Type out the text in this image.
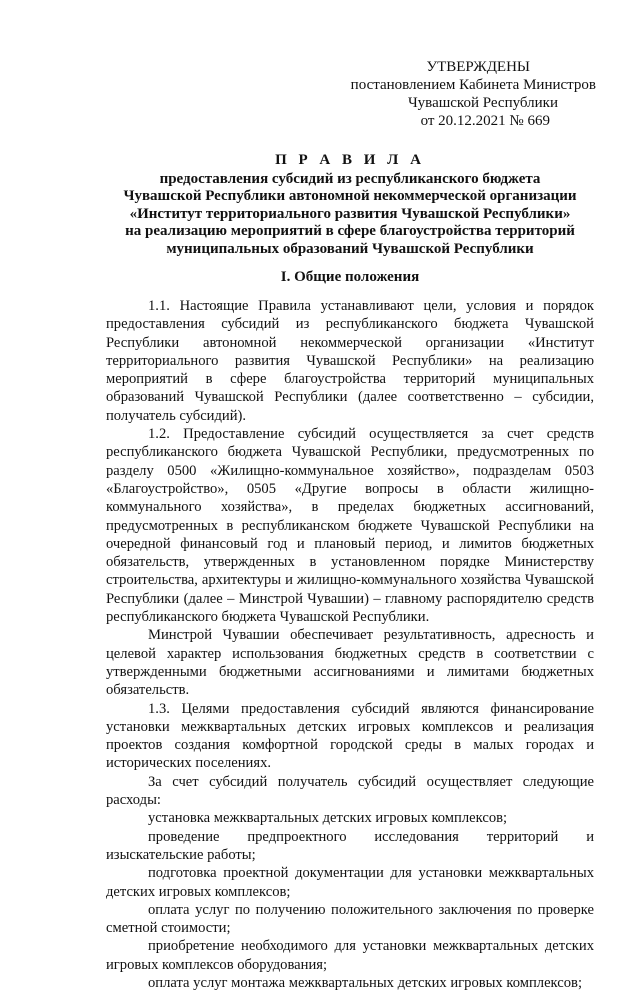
УТВЕРЖДЕНЫ
постановлением Кабинета Министров
Чувашской Республики
от 20.12.2021 № 669
П Р А В И Л А
предоставления субсидий из республиканского бюджета
Чувашской Республики автономной некоммерческой организации
«Институт территориального развития Чувашской Республики»
на реализацию мероприятий в сфере благоустройства территорий
муниципальных образований Чувашской Республики
I. Общие положения

1.1. Настоящие Правила устанавливают цели, условия и порядок предоставления субсидий из республиканского бюджета Чувашской Республики автономной некоммерческой организации «Институт территориального развития Чувашской Республики» на реализацию мероприятий в сфере благоустройства территорий муниципальных образований Чувашской Республики (далее соответственно – субсидии, получатель субсидий).

1.2. Предоставление субсидий осуществляется за счет средств республиканского бюджета Чувашской Республики, предусмотренных по разделу 0500 «Жилищно-коммунальное хозяйство», подразделам 0503 «Благоустройство», 0505 «Другие вопросы в области жилищно-коммунального хозяйства», в пределах бюджетных ассигнований, предусмотренных в республиканском бюджете Чувашской Республики на очередной финансовый год и плановый период, и лимитов бюджетных обязательств, утвержденных в установленном порядке Министерству строительства, архитектуры и жилищно-коммунального хозяйства Чувашской Республики (далее – Минстрой Чувашии) – главному распорядителю средств республиканского бюджета Чувашской Республики.

Минстрой Чувашии обеспечивает результативность, адресность и целевой характер использования бюджетных средств в соответствии с утвержденными бюджетными ассигнованиями и лимитами бюджетных обязательств.

1.3. Целями предоставления субсидий являются финансирование установки межквартальных детских игровых комплексов и реализация проектов создания комфортной городской среды в малых городах и исторических поселениях.

За счет субсидий получатель субсидий осуществляет следующие расходы:

установка межквартальных детских игровых комплексов;

проведение предпроектного исследования территорий и изыскательские работы;

подготовка проектной документации для установки межквартальных детских игровых комплексов;

оплата услуг по получению положительного заключения по проверке сметной стоимости;

приобретение необходимого для установки межквартальных детских игровых комплексов оборудования;

оплата услуг монтажа межквартальных детских игровых комплексов;
